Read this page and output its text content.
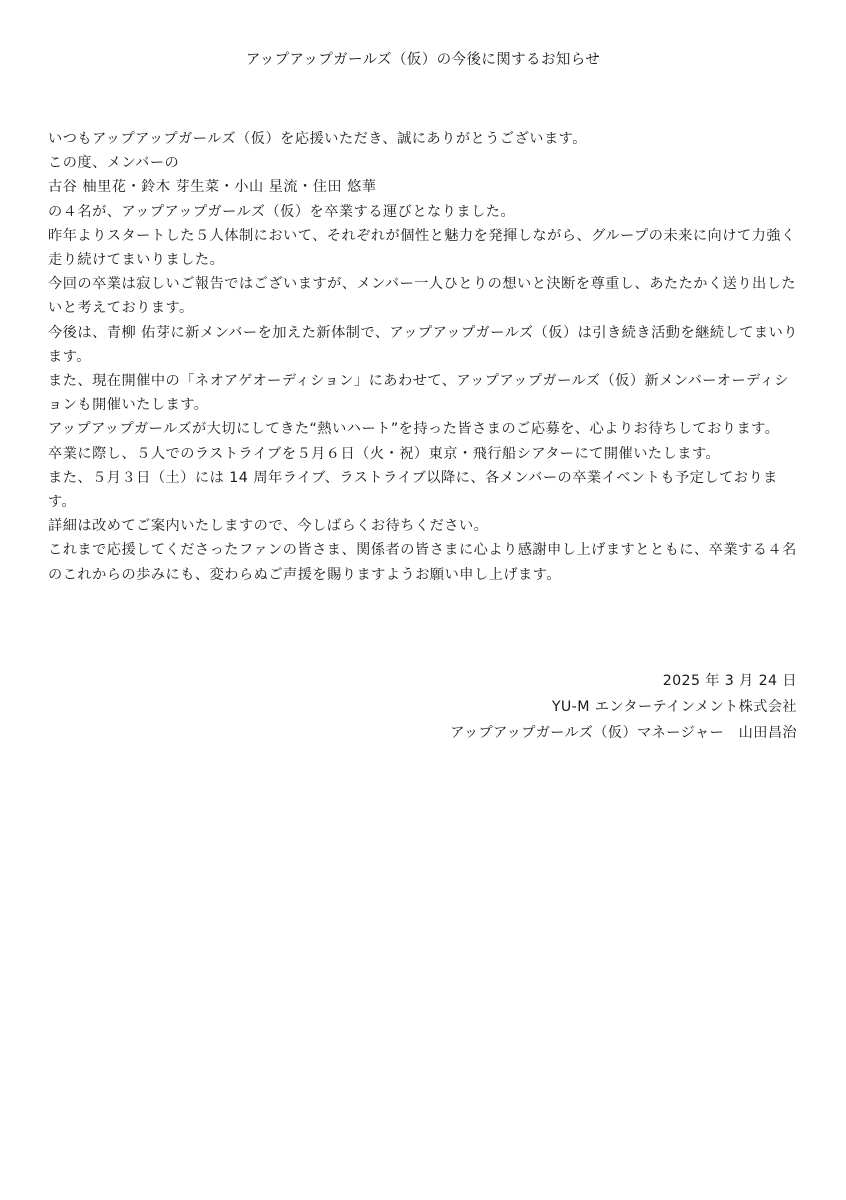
アップアップガールズ（仮）の今後に関するお知らせ

いつもアップアップガールズ（仮）を応援いただき、誠にありがとうございます。

この度、メンバーの

古谷 柚里花・鈴木 芽生菜・小山 星流・住田 悠華

の４名が、アップアップガールズ（仮）を卒業する運びとなりました。

昨年よりスタートした５人体制において、それぞれが個性と魅力を発揮しながら、グループの未来に向けて力強く走り続けてまいりました。

今回の卒業は寂しいご報告ではございますが、メンバー一人ひとりの想いと決断を尊重し、あたたかく送り出したいと考えております。

今後は、青柳 佑芽に新メンバーを加えた新体制で、アップアップガールズ（仮）は引き続き活動を継続してまいります。

また、現在開催中の「ネオアゲオーディション」にあわせて、アップアップガールズ（仮）新メンバーオーディションも開催いたします。

アップアップガールズが大切にしてきた“熱いハート”を持った皆さまのご応募を、心よりお待ちしております。

卒業に際し、５人でのラストライブを５月６日（火・祝）東京・飛行船シアターにて開催いたします。

また、５月３日（土）には 14 周年ライブ、ラストライブ以降に、各メンバーの卒業イベントも予定しております。

詳細は改めてご案内いたしますので、今しばらくお待ちください。

これまで応援してくださったファンの皆さま、関係者の皆さまに心より感謝申し上げますとともに、卒業する４名のこれからの歩みにも、変わらぬご声援を賜りますようお願い申し上げます。

2025 年 3 月 24 日
YU-M エンターテインメント株式会社
アップアップガールズ（仮）マネージャー　山田昌治
